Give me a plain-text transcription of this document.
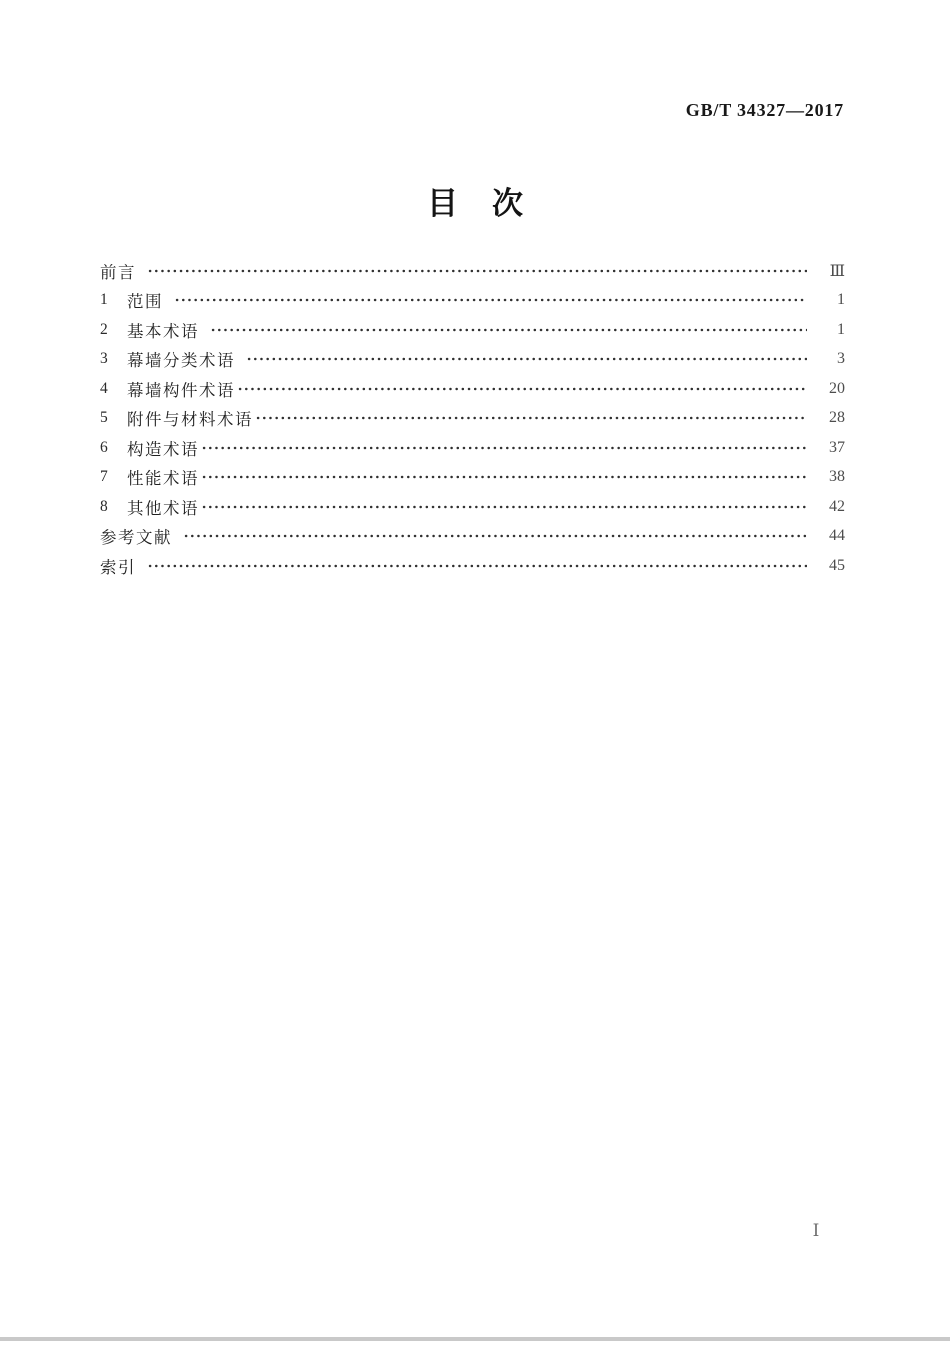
GB/T 34327—2017
目次
前言	Ⅲ
1	范围	1
2	基本术语	1
3	幕墙分类术语	3
4	幕墙构件术语	20
5	附件与材料术语	28
6	构造术语	37
7	性能术语	38
8	其他术语	42
参考文献	44
索引	45
Ⅰ
